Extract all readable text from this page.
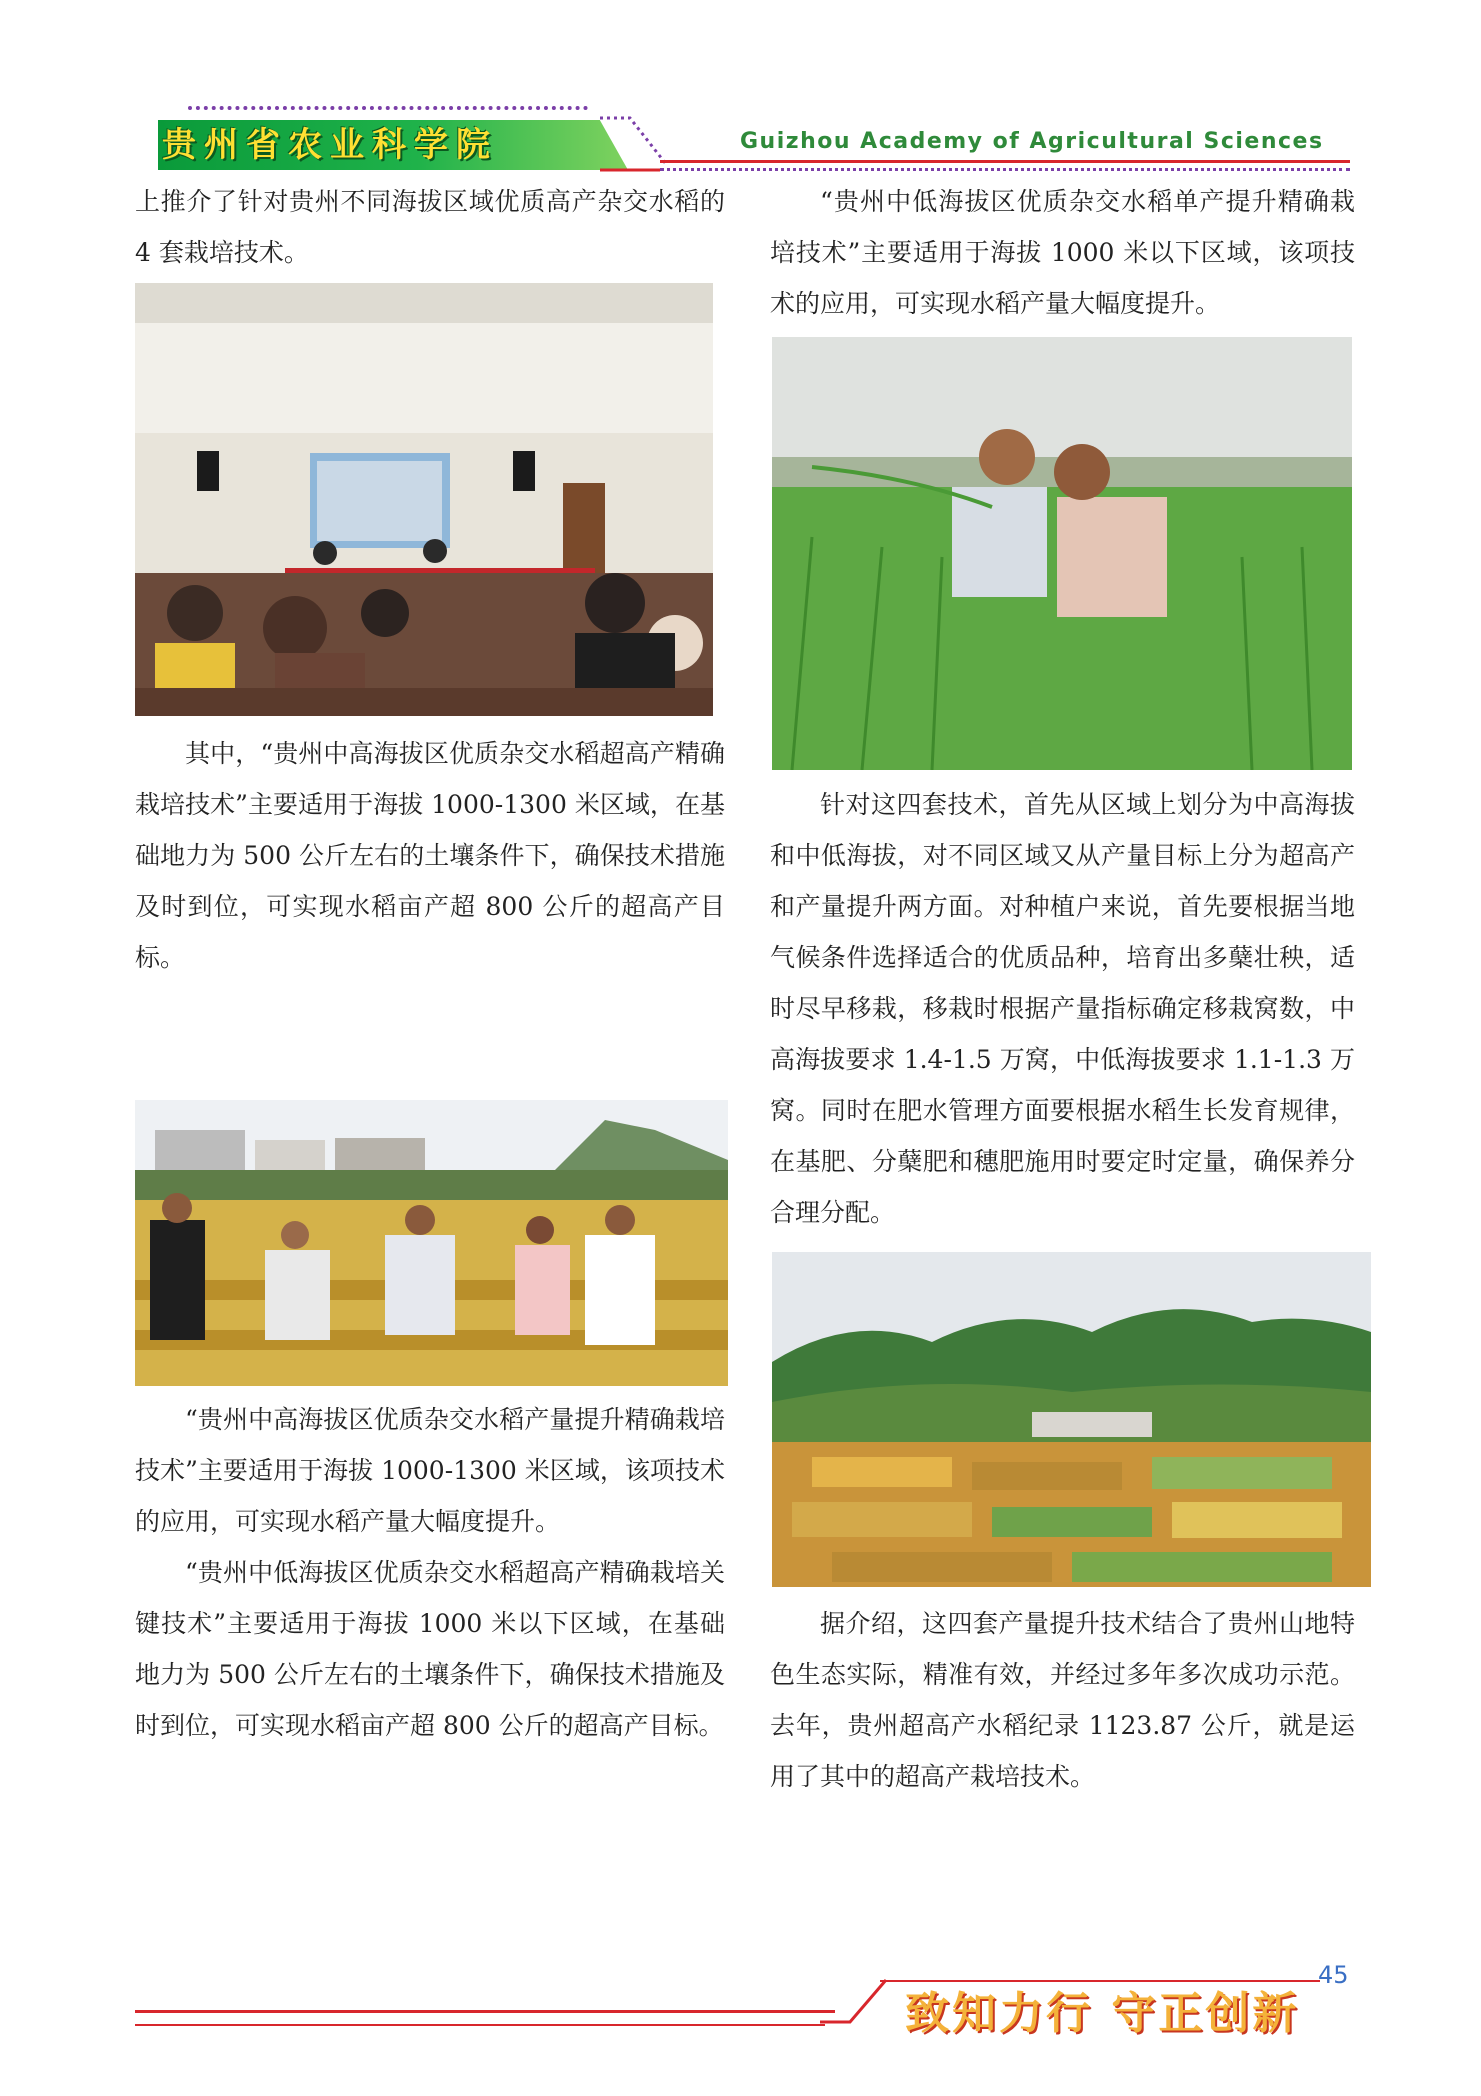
贵州省农业科学院	Guizhou Academy of Agricultural Sciences

上推介了针对贵州不同海拔区域优质高产杂交水稻的 4 套栽培技术。

其中，“贵州中高海拔区优质杂交水稻超高产精确栽培技术”主要适用于海拔 1000-1300 米区域，在基础地力为 500 公斤左右的土壤条件下，确保技术措施及时到位，可实现水稻亩产超 800 公斤的超高产目标。

“贵州中高海拔区优质杂交水稻产量提升精确栽培技术”主要适用于海拔 1000-1300 米区域，该项技术的应用，可实现水稻产量大幅度提升。

“贵州中低海拔区优质杂交水稻超高产精确栽培关键技术”主要适用于海拔 1000 米以下区域，在基础地力为 500 公斤左右的土壤条件下，确保技术措施及时到位，可实现水稻亩产超 800 公斤的超高产目标。

“贵州中低海拔区优质杂交水稻单产提升精确栽培技术”主要适用于海拔 1000 米以下区域，该项技术的应用，可实现水稻产量大幅度提升。

针对这四套技术，首先从区域上划分为中高海拔和中低海拔，对不同区域又从产量目标上分为超高产和产量提升两方面。对种植户来说，首先要根据当地气候条件选择适合的优质品种，培育出多蘖壮秧，适时尽早移栽，移栽时根据产量指标确定移栽窝数，中高海拔要求 1.4-1.5 万窝，中低海拔要求 1.1-1.3 万窝。同时在肥水管理方面要根据水稻生长发育规律，在基肥、分蘖肥和穗肥施用时要定时定量，确保养分合理分配。

据介绍，这四套产量提升技术结合了贵州山地特色生态实际，精准有效，并经过多年多次成功示范。去年，贵州超高产水稻纪录 1123.87 公斤，就是运用了其中的超高产栽培技术。

45
致知力行 守正创新
